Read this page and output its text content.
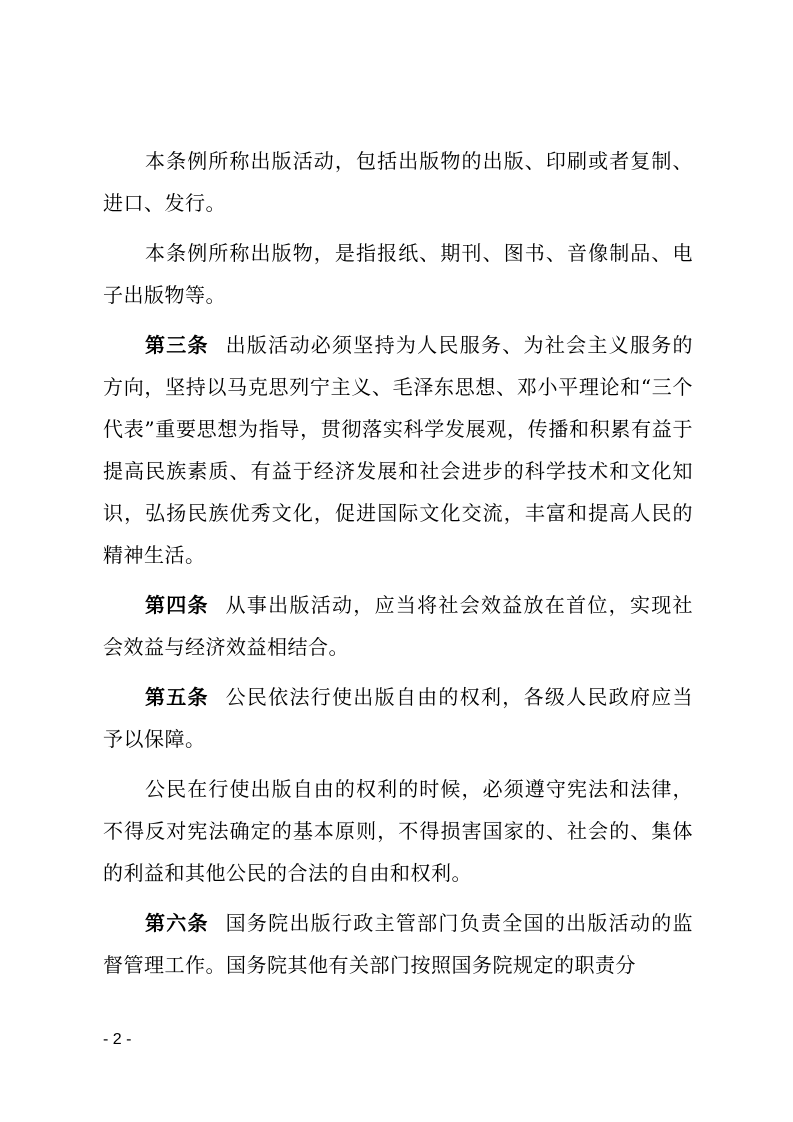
本条例所称出版活动，包括出版物的出版、印刷或者复制、进口、发行。

本条例所称出版物，是指报纸、期刊、图书、音像制品、电子出版物等。

第三条 出版活动必须坚持为人民服务、为社会主义服务的方向，坚持以马克思列宁主义、毛泽东思想、邓小平理论和“三个代表”重要思想为指导，贯彻落实科学发展观，传播和积累有益于提高民族素质、有益于经济发展和社会进步的科学技术和文化知识，弘扬民族优秀文化，促进国际文化交流，丰富和提高人民的精神生活。

第四条 从事出版活动，应当将社会效益放在首位，实现社会效益与经济效益相结合。

第五条 公民依法行使出版自由的权利，各级人民政府应当予以保障。

公民在行使出版自由的权利的时候，必须遵守宪法和法律，不得反对宪法确定的基本原则，不得损害国家的、社会的、集体的利益和其他公民的合法的自由和权利。

第六条 国务院出版行政主管部门负责全国的出版活动的监督管理工作。国务院其他有关部门按照国务院规定的职责分

- 2 -
